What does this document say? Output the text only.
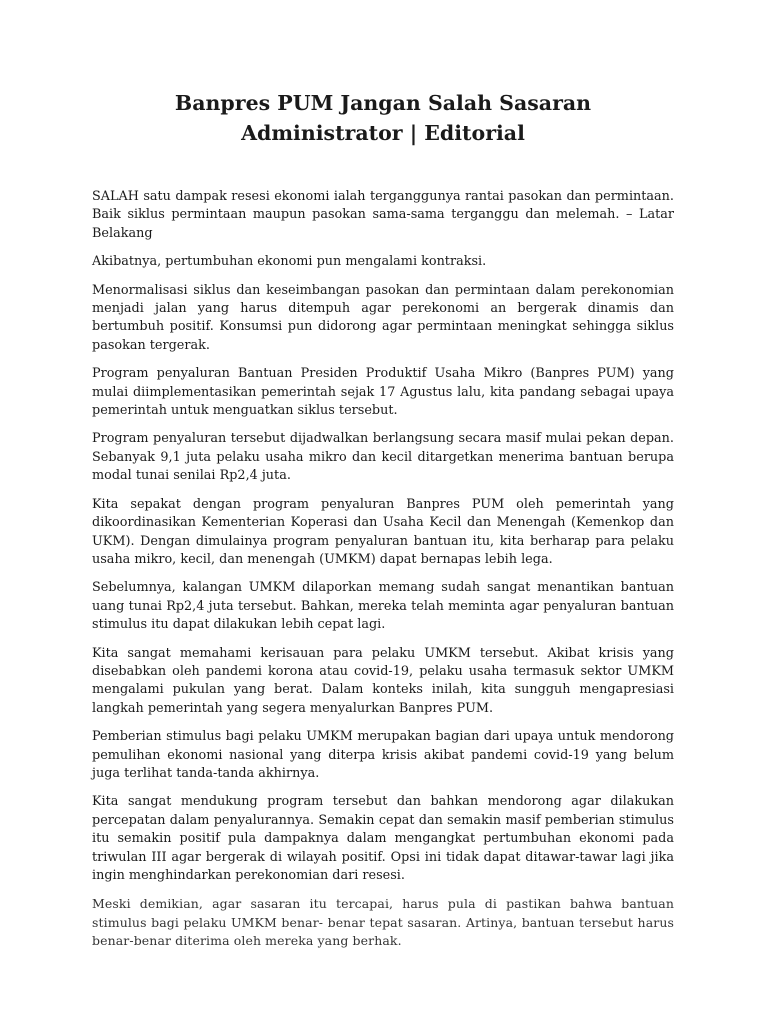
Banpres PUM Jangan Salah Sasaran Administrator | Editorial

SALAH satu dampak resesi ekonomi ialah terganggunya rantai pasokan dan permintaan. Baik siklus permintaan maupun pasokan sama-sama terganggu dan melemah. – Latar Belakang

Akibatnya, pertumbuhan ekonomi pun mengalami kontraksi.

Menormalisasi siklus dan keseimbangan pasokan dan permintaan dalam perekonomian menjadi jalan yang harus ditempuh agar perekonomi an bergerak dinamis dan bertumbuh positif. Konsumsi pun didorong agar permintaan meningkat sehingga siklus pasokan tergerak.

Program penyaluran Bantuan Presiden Produktif Usaha Mikro (Banpres PUM) yang mulai diimplementasikan pemerintah sejak 17 Agustus lalu, kita pandang sebagai upaya pemerintah untuk menguatkan siklus tersebut.

Program penyaluran tersebut dijadwalkan berlangsung secara masif mulai pekan depan. Sebanyak 9,1 juta pelaku usaha mikro dan kecil ditargetkan menerima bantuan berupa modal tunai senilai Rp2,4 juta.

Kita sepakat dengan program penyaluran Banpres PUM oleh pemerintah yang dikoordinasikan Kementerian Koperasi dan Usaha Kecil dan Menengah (Kemenkop dan UKM). Dengan dimulainya program penyaluran bantuan itu, kita berharap para pelaku usaha mikro, kecil, dan menengah (UMKM) dapat bernapas lebih lega.

Sebelumnya, kalangan UMKM dilaporkan memang sudah sangat menantikan bantuan uang tunai Rp2,4 juta tersebut. Bahkan, mereka telah meminta agar penyaluran bantuan stimulus itu dapat dilakukan lebih cepat lagi.

Kita sangat memahami kerisauan para pelaku UMKM tersebut. Akibat krisis yang disebabkan oleh pandemi korona atau covid-19, pelaku usaha termasuk sektor UMKM mengalami pukulan yang berat. Dalam konteks inilah, kita sungguh mengapresiasi langkah pemerintah yang segera menyalurkan Banpres PUM.

Pemberian stimulus bagi pelaku UMKM merupakan bagian dari upaya untuk mendorong pemulihan ekonomi nasional yang diterpa krisis akibat pandemi covid-19 yang belum juga terlihat tanda-tanda akhirnya.

Kita sangat mendukung program tersebut dan bahkan mendorong agar dilakukan percepatan dalam penyalurannya. Semakin cepat dan semakin masif pemberian stimulus itu semakin positif pula dampaknya dalam mengangkat pertumbuhan ekonomi pada triwulan III agar bergerak di wilayah positif. Opsi ini tidak dapat ditawar-tawar lagi jika ingin menghindarkan perekonomian dari resesi.

Meski demikian, agar sasaran itu tercapai, harus pula di pastikan bahwa bantuan stimulus bagi pelaku UMKM benar- benar tepat sasaran. Artinya, bantuan tersebut harus benar-benar diterima oleh mereka yang berhak.
